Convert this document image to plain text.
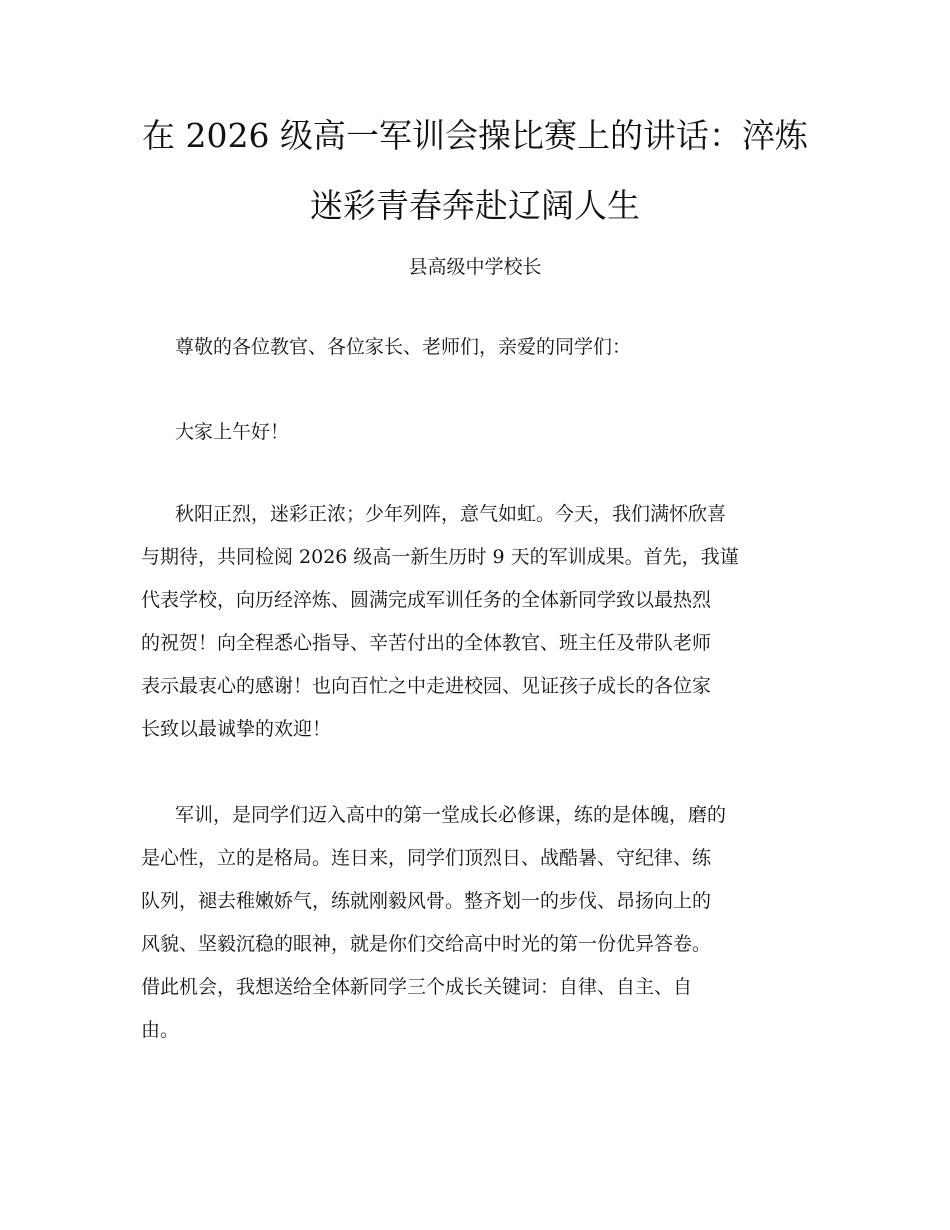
在 2026 级高一军训会操比赛上的讲话：淬炼
迷彩青春奔赴辽阔人生
县高级中学校长
尊敬的各位教官、各位家长、老师们，亲爱的同学们：
大家上午好！
秋阳正烈，迷彩正浓；少年列阵，意气如虹。今天，我们满怀欣喜
与期待，共同检阅 2026 级高一新生历时 9 天的军训成果。首先，我谨
代表学校，向历经淬炼、圆满完成军训任务的全体新同学致以最热烈
的祝贺！向全程悉心指导、辛苦付出的全体教官、班主任及带队老师
表示最衷心的感谢！也向百忙之中走进校园、见证孩子成长的各位家
长致以最诚挚的欢迎！
军训，是同学们迈入高中的第一堂成长必修课，练的是体魄，磨的
是心性，立的是格局。连日来，同学们顶烈日、战酷暑、守纪律、练
队列，褪去稚嫩娇气，练就刚毅风骨。整齐划一的步伐、昂扬向上的
风貌、坚毅沉稳的眼神，就是你们交给高中时光的第一份优异答卷。
借此机会，我想送给全体新同学三个成长关键词：自律、自主、自
由。
